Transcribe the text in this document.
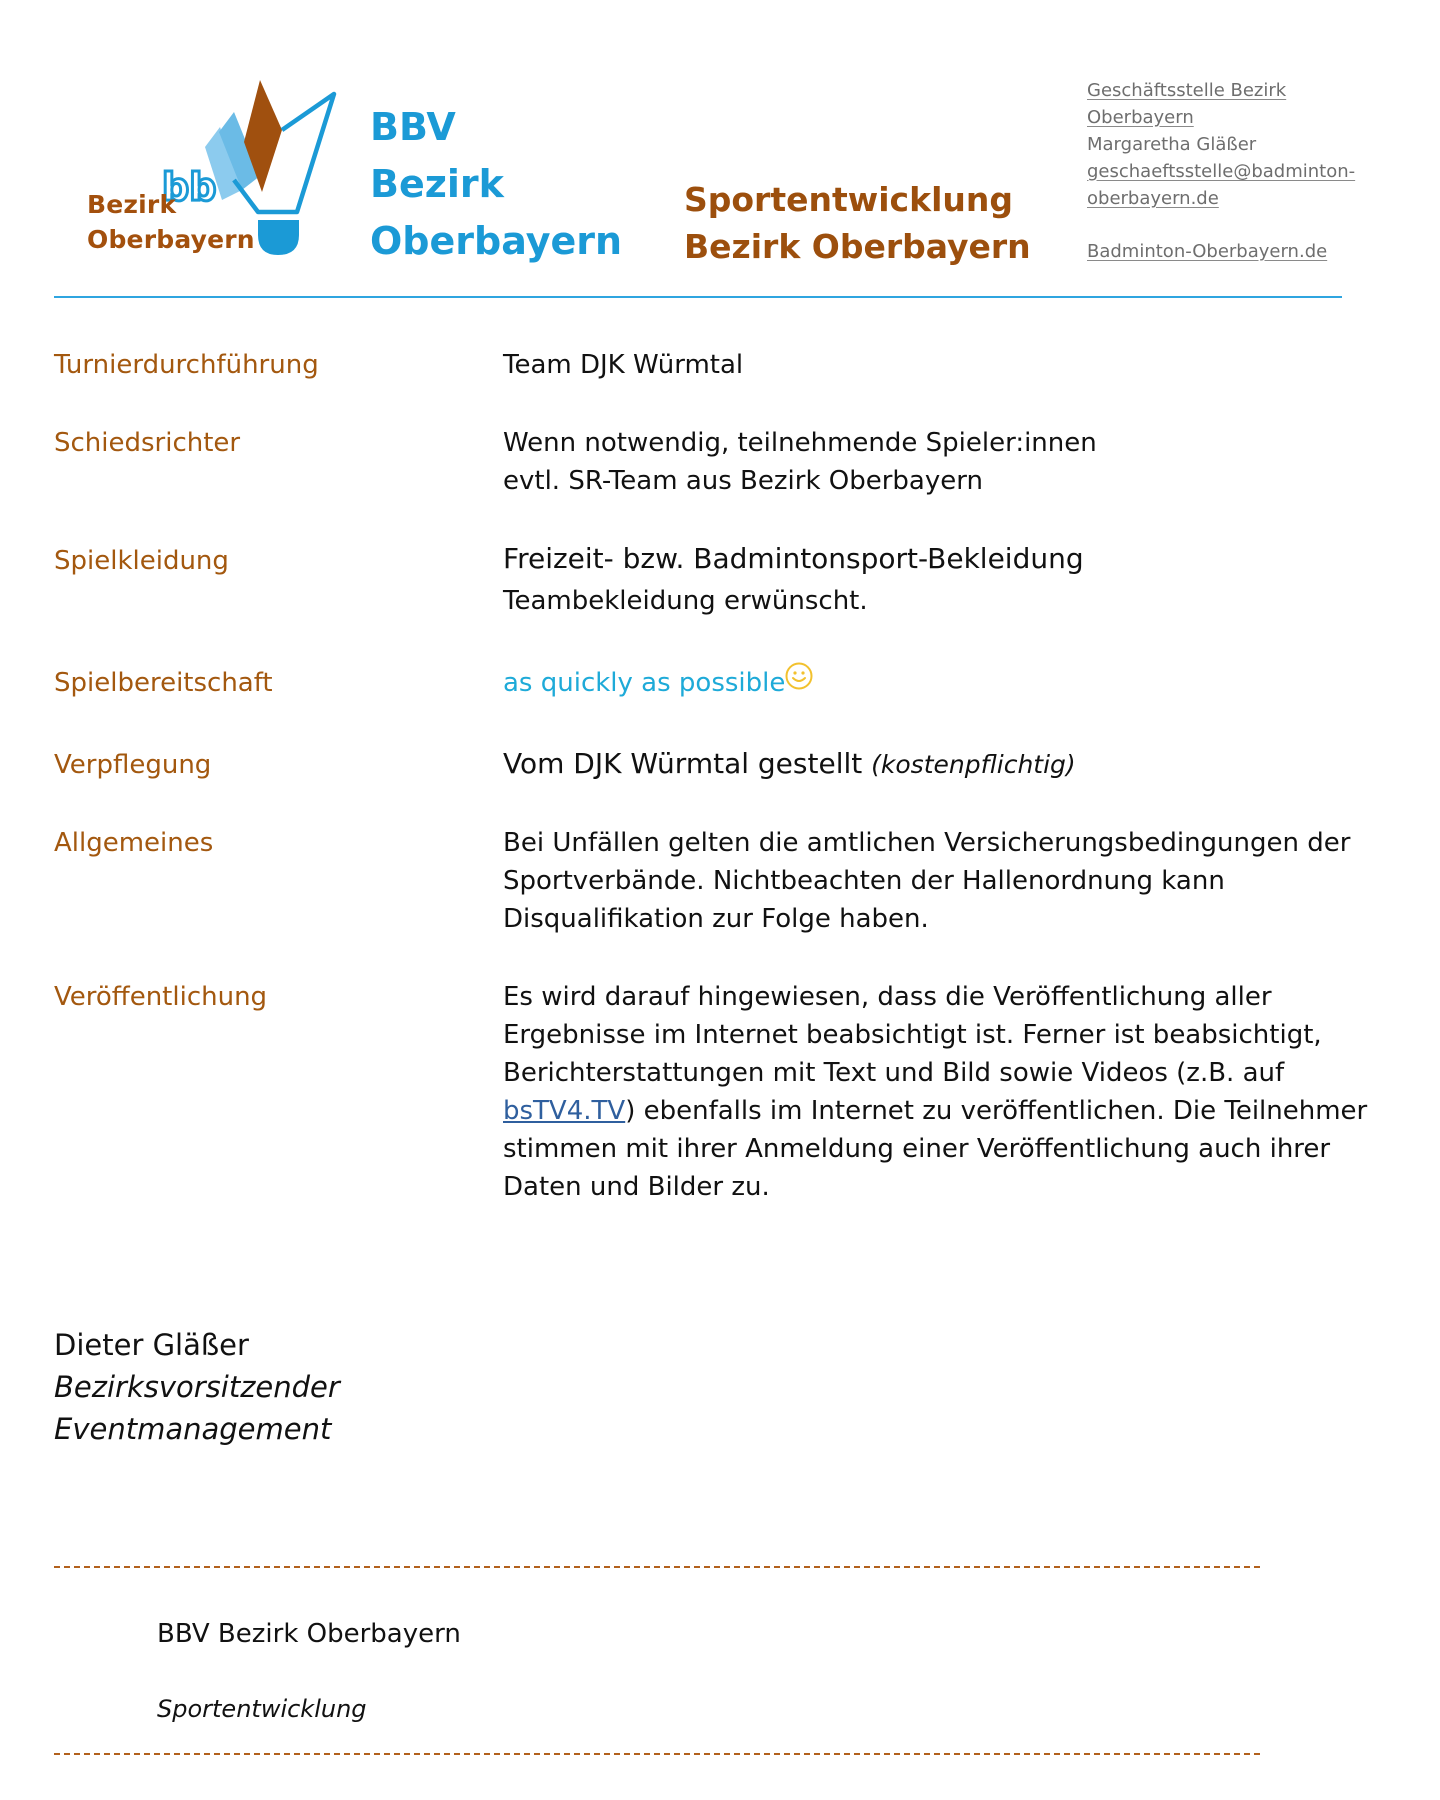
bb
Bezirk
Oberbayern
BBV
Bezirk
Oberbayern
Sportentwicklung
Bezirk Oberbayern
Geschäftsstelle Bezirk
Oberbayern
Margaretha Gläßer
geschaeftsstelle@badminton-
oberbayern.de
Badminton-Oberbayern.de
Turnierdurchführung	Team DJK Würmtal
Schiedsrichter	Wenn notwendig, teilnehmende Spieler:innen
evtl. SR-Team aus Bezirk Oberbayern
Spielkleidung	Freizeit- bzw. Badmintonsport-Bekleidung
Teambekleidung erwünscht.
Spielbereitschaft	as quickly as possible
Verpflegung	Vom DJK Würmtal gestellt (kostenpflichtig)
Allgemeines	Bei Unfällen gelten die amtlichen Versicherungsbedingungen der
Sportverbände. Nichtbeachten der Hallenordnung kann
Disqualifikation zur Folge haben.
Veröffentlichung	Es wird darauf hingewiesen, dass die Veröffentlichung aller
Ergebnisse im Internet beabsichtigt ist. Ferner ist beabsichtigt,
Berichterstattungen mit Text und Bild sowie Videos (z.B. auf
bsTV4.TV) ebenfalls im Internet zu veröffentlichen. Die Teilnehmer
stimmen mit ihrer Anmeldung einer Veröffentlichung auch ihrer
Daten und Bilder zu.
Dieter Gläßer
Bezirksvorsitzender
Eventmanagement
BBV Bezirk Oberbayern
Sportentwicklung
